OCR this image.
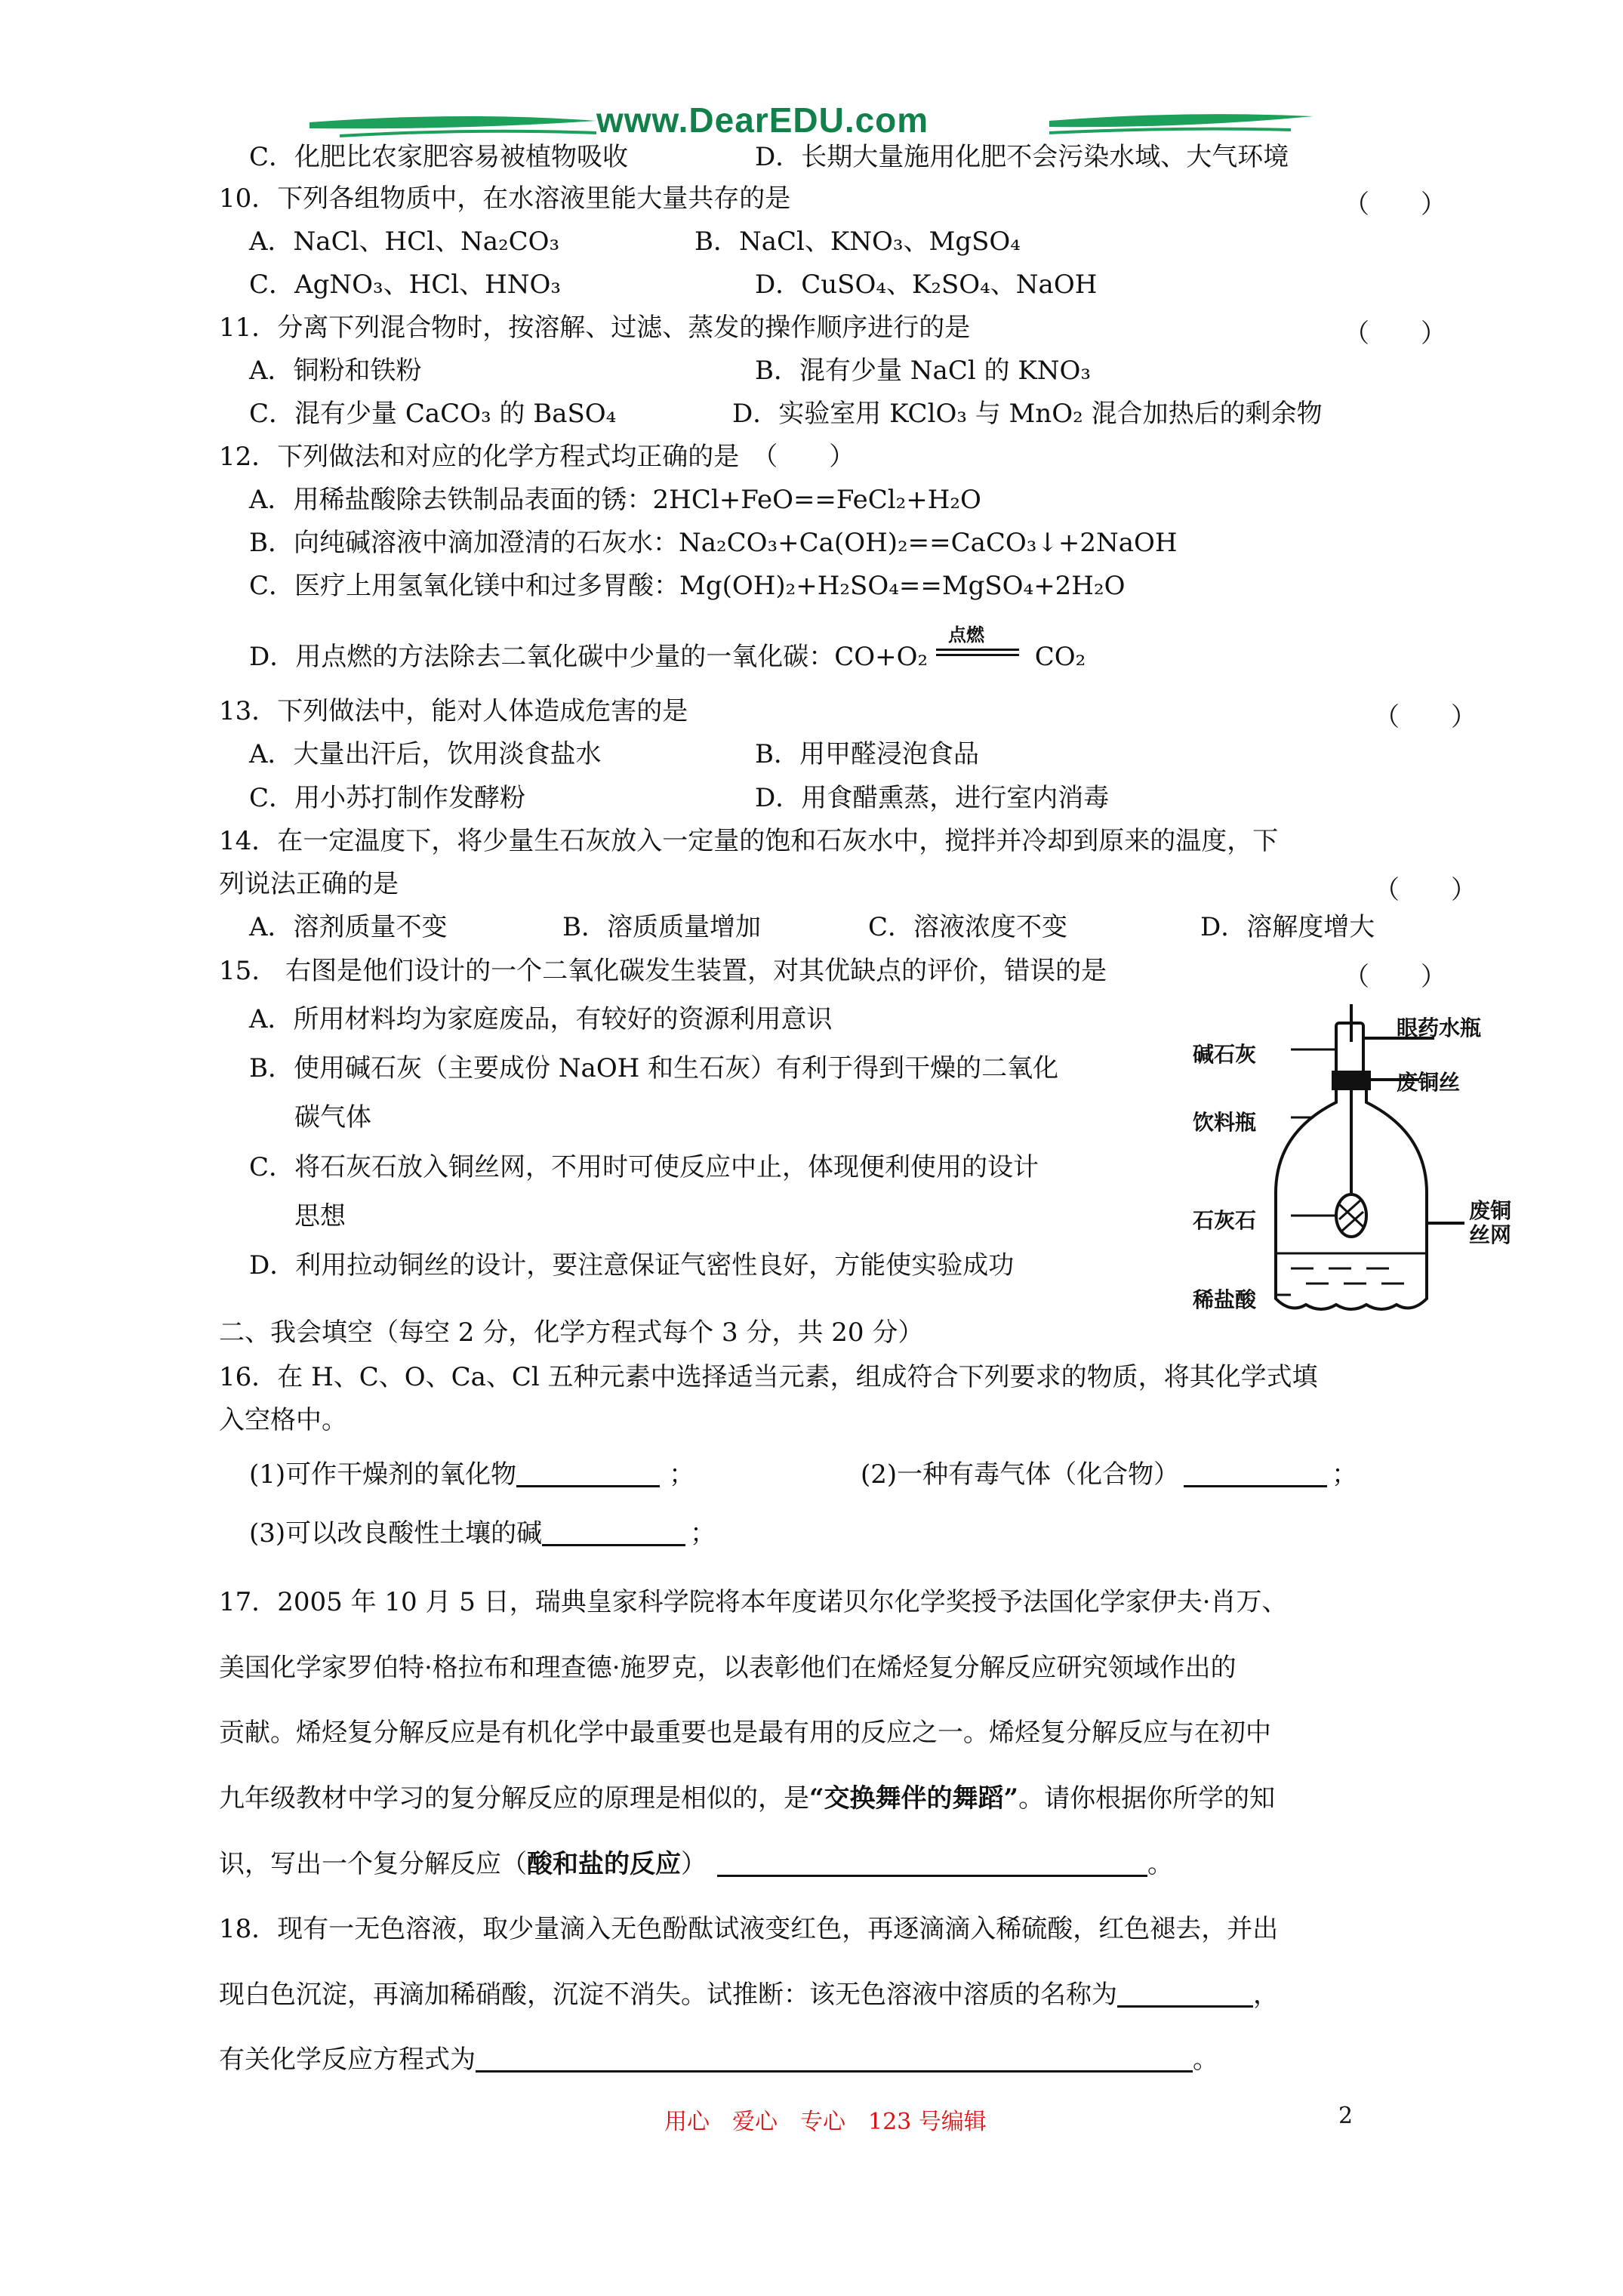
www.DearEDU.com
C．化肥比农家肥容易被植物吸收	D．长期大量施用化肥不会污染水域、大气环境
10．下列各组物质中，在水溶液里能大量共存的是	（　　）
A．NaCl、HCl、Na₂CO₃	B．NaCl、KNO₃、MgSO₄
C．AgNO₃、HCl、HNO₃	D．CuSO₄、K₂SO₄、NaOH
11．分离下列混合物时，按溶解、过滤、蒸发的操作顺序进行的是	（　　）
A．铜粉和铁粉	B．混有少量 NaCl 的 KNO₃
C．混有少量 CaCO₃ 的 BaSO₄	D．实验室用 KClO₃ 与 MnO₂ 混合加热后的剩余物
12．下列做法和对应的化学方程式均正确的是　（　　）
A．用稀盐酸除去铁制品表面的锈：2HCl+FeO==FeCl₂+H₂O
B．向纯碱溶液中滴加澄清的石灰水：Na₂CO₃+Ca(OH)₂==CaCO₃↓+2NaOH
C．医疗上用氢氧化镁中和过多胃酸：Mg(OH)₂+H₂SO₄==MgSO₄+2H₂O
D．用点燃的方法除去二氧化碳中少量的一氧化碳：CO+O₂
点燃
CO₂
13．下列做法中，能对人体造成危害的是	（　　）
A．大量出汗后，饮用淡食盐水	B．用甲醛浸泡食品
C．用小苏打制作发酵粉	D．用食醋熏蒸，进行室内消毒
14．在一定温度下，将少量生石灰放入一定量的饱和石灰水中，搅拌并冷却到原来的温度，下
列说法正确的是	（　　）
A．溶剂质量不变	B．溶质质量增加	C．溶液浓度不变	D．溶解度增大
15.　右图是他们设计的一个二氧化碳发生装置，对其优缺点的评价，错误的是	（　　）
A．所用材料均为家庭废品，有较好的资源利用意识
B．使用碱石灰（主要成份 NaOH 和生石灰）有利于得到干燥的二氧化
碳气体
C．将石灰石放入铜丝网，不用时可使反应中止，体现便利使用的设计
思想
D．利用拉动铜丝的设计，要注意保证气密性良好，方能使实验成功
碱石灰
眼药水瓶
废铜丝
饮料瓶
石灰石	废铜
丝网
稀盐酸
二、我会填空（每空 2 分，化学方程式每个 3 分，共 20 分）
16．在 H、C、O、Ca、Cl 五种元素中选择适当元素，组成符合下列要求的物质，将其化学式填
入空格中。
(1)可作干燥剂的氧化物	；	(2)一种有毒气体（化合物）	；
(3)可以改良酸性土壤的碱	；
17．2005 年 10 月 5 日，瑞典皇家科学院将本年度诺贝尔化学奖授予法国化学家伊夫·肖万、
美国化学家罗伯特·格拉布和理查德·施罗克，以表彰他们在烯烃复分解反应研究领域作出的
贡献。烯烃复分解反应是有机化学中最重要也是最有用的反应之一。烯烃复分解反应与在初中
九年级教材中学习的复分解反应的原理是相似的，是“交换舞伴的舞蹈”。请你根据你所学的知
识，写出一个复分解反应（酸和盐的反应）	。
18．现有一无色溶液，取少量滴入无色酚酞试液变红色，再逐滴滴入稀硫酸，红色褪去，并出
现白色沉淀，再滴加稀硝酸，沉淀不消失。试推断：该无色溶液中溶质的名称为	，
有关化学反应方程式为	。
用心　爱心　专心　123 号编辑	2
